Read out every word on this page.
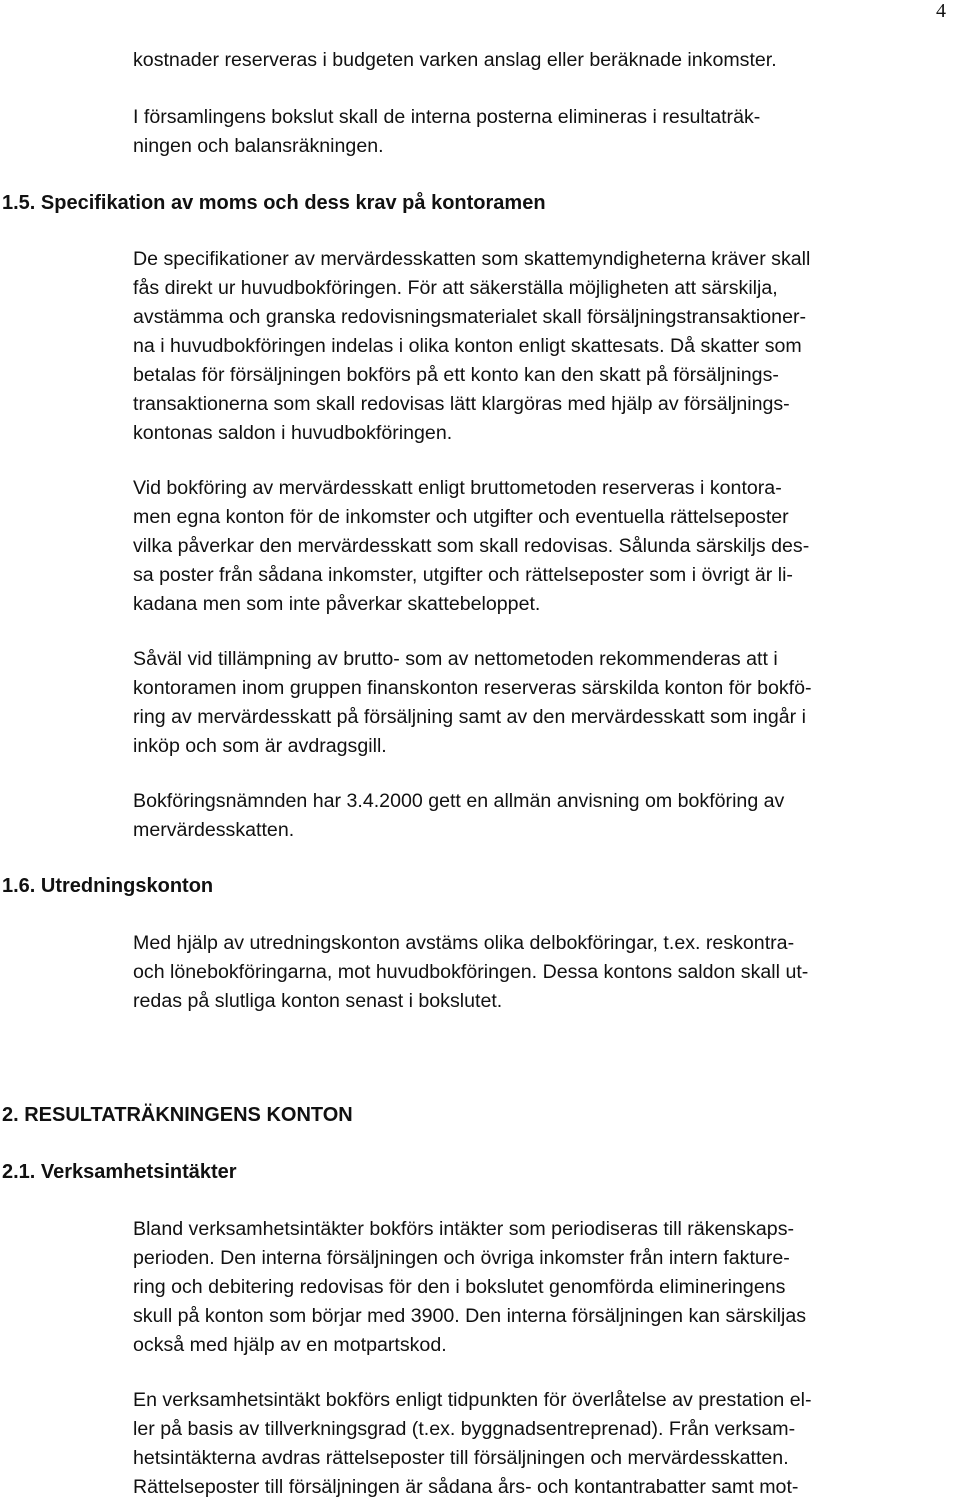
4

kostnader reserveras i budgeten varken anslag eller beräknade inkomster.

I församlingens bokslut skall de interna posterna elimineras i resultaträk-
ningen och balansräkningen.

1.5. Specifikation av moms och dess krav på kontoramen

De specifikationer av mervärdesskatten som skattemyndigheterna kräver skall
fås direkt ur huvudbokföringen. För att säkerställa möjligheten att särskilja,
avstämma och granska redovisningsmaterialet skall försäljningstransaktioner-
na i huvudbokföringen indelas i olika konton enligt skattesats. Då skatter som
betalas för försäljningen bokförs på ett konto kan den skatt på försäljnings-
transaktionerna som skall redovisas lätt klargöras med hjälp av försäljnings-
kontonas saldon i huvudbokföringen.

Vid bokföring av mervärdesskatt enligt bruttometoden reserveras i kontora-
men egna konton för de inkomster och utgifter och eventuella rättelseposter
vilka påverkar den mervärdesskatt som skall redovisas. Sålunda särskiljs des-
sa poster från sådana inkomster, utgifter och rättelseposter som i övrigt är li-
kadana men som inte påverkar skattebeloppet.

Såväl vid tillämpning av brutto- som av nettometoden rekommenderas att i
kontoramen inom gruppen finanskonton reserveras särskilda konton för bokfö-
ring av mervärdesskatt på försäljning samt av den mervärdesskatt som ingår i
inköp och som är avdragsgill.

Bokföringsnämnden har 3.4.2000 gett en allmän anvisning om bokföring av
mervärdesskatten.

1.6. Utredningskonton

Med hjälp av utredningskonton avstäms olika delbokföringar, t.ex. reskontra-
och lönebokföringarna, mot huvudbokföringen. Dessa kontons saldon skall ut-
redas på slutliga konton senast i bokslutet.

2. RESULTATRÄKNINGENS KONTON
2.1. Verksamhetsintäkter

Bland verksamhetsintäkter bokförs intäkter som periodiseras till räkenskaps-
perioden. Den interna försäljningen och övriga inkomster från intern fakture-
ring och debitering redovisas för den i bokslutet genomförda elimineringens
skull på konton som börjar med 3900. Den interna försäljningen kan särskiljas
också med hjälp av en motpartskod.

En verksamhetsintäkt bokförs enligt tidpunkten för överlåtelse av prestation el-
ler på basis av tillverkningsgrad (t.ex. byggnadsentreprenad). Från verksam-
hetsintäkterna avdras rättelseposter till försäljningen och mervärdesskatten.
Rättelseposter till försäljningen är sådana års- och kontantrabatter samt mot-
